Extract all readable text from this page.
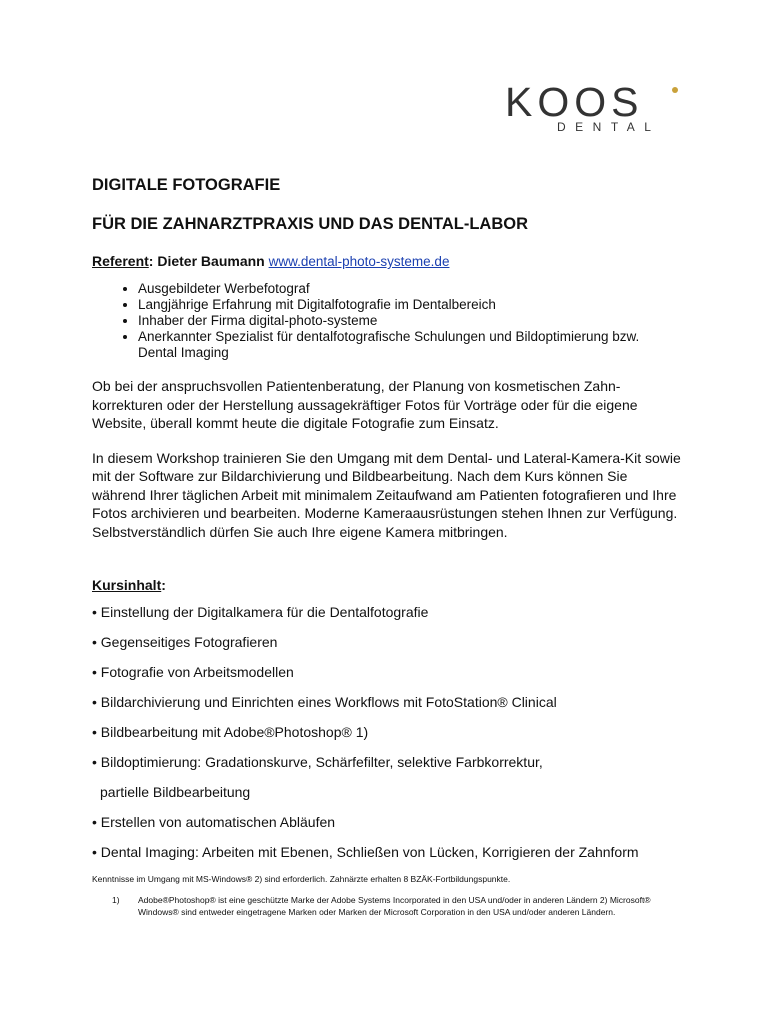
KOOS
DENTAL
DIGITALE FOTOGRAFIE
FÜR DIE ZAHNARZTPRAXIS UND DAS DENTAL-LABOR
Referent: Dieter Baumann www.dental-photo-systeme.de
• Ausgebildeter Werbefotograf
• Langjährige Erfahrung mit Digitalfotografie im Dentalbereich
• Inhaber der Firma digital-photo-systeme
• Anerkannter Spezialist für dentalfotografische Schulungen und Bildoptimierung bzw. Dental Imaging

Ob bei der anspruchsvollen Patientenberatung, der Planung von kosmetischen Zahn-korrekturen oder der Herstellung aussagekräftiger Fotos für Vorträge oder für die eigene Website, überall kommt heute die digitale Fotografie zum Einsatz.

In diesem Workshop trainieren Sie den Umgang mit dem Dental- und Lateral-Kamera-Kit sowie mit der Software zur Bildarchivierung und Bildbearbeitung. Nach dem Kurs können Sie während Ihrer täglichen Arbeit mit minimalem Zeitaufwand am Patienten fotografieren und Ihre Fotos archivieren und bearbeiten. Moderne Kameraausrüstungen stehen Ihnen zur Verfügung. Selbstverständlich dürfen Sie auch Ihre eigene Kamera mitbringen.

Kursinhalt:
• Einstellung der Digitalkamera für die Dentalfotografie
• Gegenseitiges Fotografieren
• Fotografie von Arbeitsmodellen
• Bildarchivierung und Einrichten eines Workflows mit FotoStation® Clinical
• Bildbearbeitung mit Adobe®Photoshop® 1)
• Bildoptimierung: Gradationskurve, Schärfefilter, selektive Farbkorrektur,
partielle Bildbearbeitung
• Erstellen von automatischen Abläufen
• Dental Imaging: Arbeiten mit Ebenen, Schließen von Lücken, Korrigieren der Zahnform
Kenntnisse im Umgang mit MS-Windows® 2) sind erforderlich. Zahnärzte erhalten 8 BZÄK-Fortbildungspunkte.
1)	Adobe®Photoshop® ist eine geschützte Marke der Adobe Systems Incorporated in den USA und/oder in anderen Ländern 2) Microsoft® Windows® sind entweder eingetragene Marken oder Marken der Microsoft Corporation in den USA und/oder anderen Ländern.
